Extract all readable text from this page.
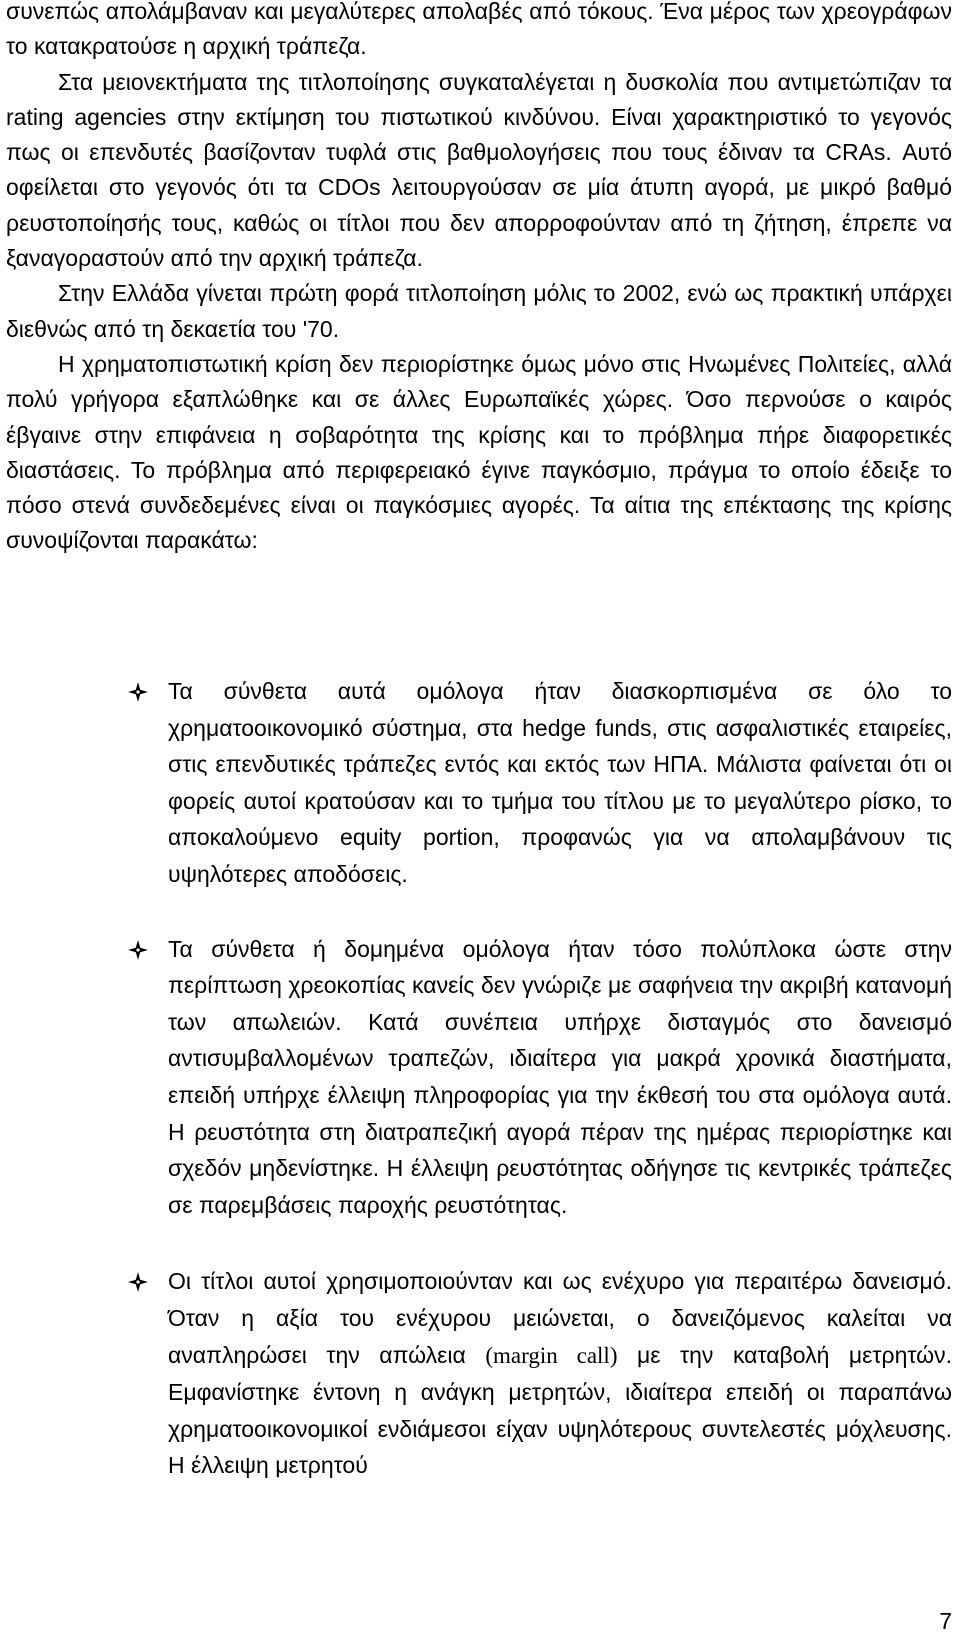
συνεπώς απολάμβαναν και μεγαλύτερες απολαβές από τόκους. Ένα μέρος των χρεογράφων το κατακρατούσε η αρχική τράπεζα.

Στα μειονεκτήματα της τιτλοποίησης συγκαταλέγεται η δυσκολία που αντιμετώπιζαν τα rating agencies στην εκτίμηση του πιστωτικού κινδύνου. Είναι χαρακτηριστικό το γεγονός πως οι επενδυτές βασίζονταν τυφλά στις βαθμολογήσεις που τους έδιναν τα CRAs. Αυτό οφείλεται στο γεγονός ότι τα CDOs λειτουργούσαν σε μία άτυπη αγορά, με μικρό βαθμό ρευστοποίησής τους, καθώς οι τίτλοι που δεν απορροφούνταν από τη ζήτηση, έπρεπε να ξαναγοραστούν από την αρχική τράπεζα.

Στην Ελλάδα γίνεται πρώτη φορά τιτλοποίηση μόλις το 2002, ενώ ως πρακτική υπάρχει διεθνώς από τη δεκαετία του '70.

Η χρηματοπιστωτική κρίση δεν περιορίστηκε όμως μόνο στις Ηνωμένες Πολιτείες, αλλά πολύ γρήγορα εξαπλώθηκε και σε άλλες Ευρωπαϊκές χώρες. Όσο περνούσε ο καιρός έβγαινε στην επιφάνεια η σοβαρότητα της κρίσης και το πρόβλημα πήρε διαφορετικές διαστάσεις. Το πρόβλημα από περιφερειακό έγινε παγκόσμιο, πράγμα το οποίο έδειξε το πόσο στενά συνδεδεμένες είναι οι παγκόσμιες αγορές. Τα αίτια της επέκτασης της κρίσης συνοψίζονται παρακάτω:

Τα σύνθετα αυτά ομόλογα ήταν διασκορπισμένα σε όλο το χρηματοοικονομικό σύστημα, στα hedge funds, στις ασφαλιστικές εταιρείες, στις επενδυτικές τράπεζες εντός και εκτός των ΗΠΑ. Μάλιστα φαίνεται ότι οι φορείς αυτοί κρατούσαν και το τμήμα του τίτλου με το μεγαλύτερο ρίσκο, το αποκαλούμενο equity portion, προφανώς για να απολαμβάνουν τις υψηλότερες αποδόσεις.
Τα σύνθετα ή δομημένα ομόλογα ήταν τόσο πολύπλοκα ώστε στην περίπτωση χρεοκοπίας κανείς δεν γνώριζε με σαφήνεια την ακριβή κατανομή των απωλειών. Κατά συνέπεια υπήρχε δισταγμός στο δανεισμό αντισυμβαλλομένων τραπεζών, ιδιαίτερα για μακρά χρονικά διαστήματα, επειδή υπήρχε έλλειψη πληροφορίας για την έκθεσή του στα ομόλογα αυτά. Η ρευστότητα στη διατραπεζική αγορά πέραν της ημέρας περιορίστηκε και σχεδόν μηδενίστηκε. Η έλλειψη ρευστότητας οδήγησε τις κεντρικές τράπεζες σε παρεμβάσεις παροχής ρευστότητας.
Οι τίτλοι αυτοί χρησιμοποιούνταν και ως ενέχυρο για περαιτέρω δανεισμό. Όταν η αξία του ενέχυρου μειώνεται, ο δανειζόμενος καλείται να αναπληρώσει την απώλεια (margin call) με την καταβολή μετρητών. Εμφανίστηκε έντονη η ανάγκη μετρητών, ιδιαίτερα επειδή οι παραπάνω χρηματοοικονομικοί ενδιάμεσοι είχαν υψηλότερους συντελεστές μόχλευσης. Η έλλειψη μετρητού
7
